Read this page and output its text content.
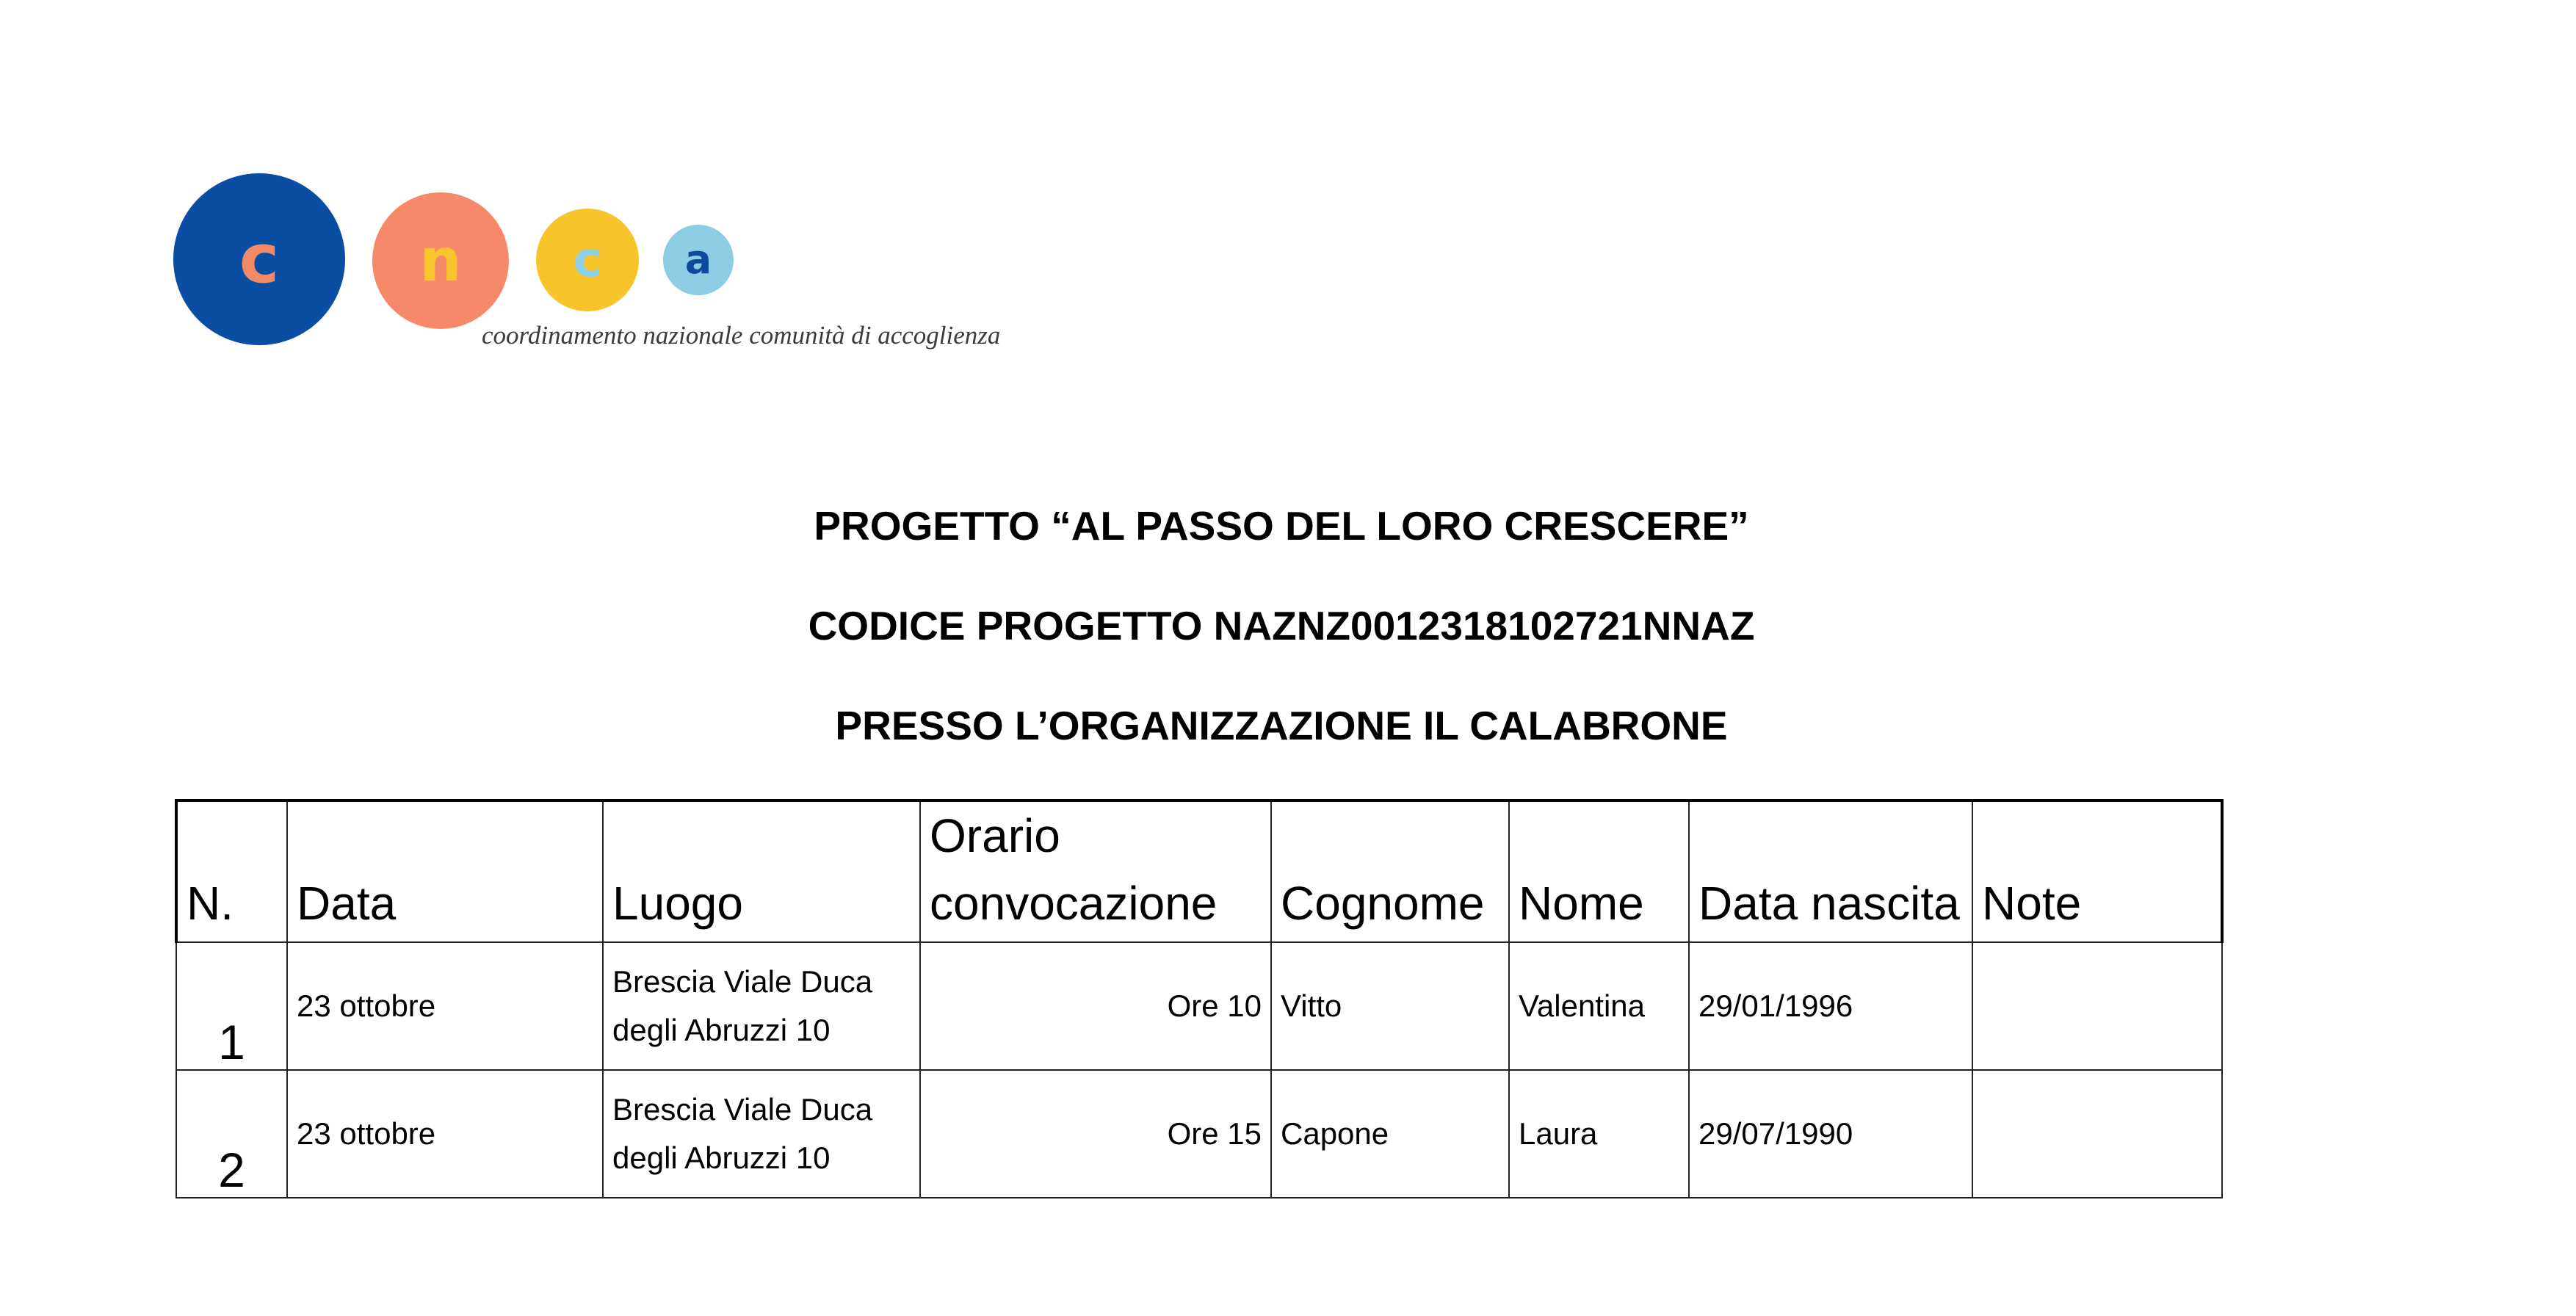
c n c a
coordinamento nazionale comunità di accoglienza
PROGETTO “AL PASSO DEL LORO CRESCERE”
CODICE PROGETTO NAZNZ0012318102721NNAZ
PRESSO L’ORGANIZZAZIONE IL CALABRONE
N.	Data	Luogo	Orario convocazione	Cognome	Nome	Data nascita	Note
1	23 ottobre	Brescia Viale Duca degli Abruzzi 10	Ore 10	Vitto	Valentina	29/01/1996	
2	23 ottobre	Brescia Viale Duca degli Abruzzi 10	Ore 15	Capone	Laura	29/07/1990	
